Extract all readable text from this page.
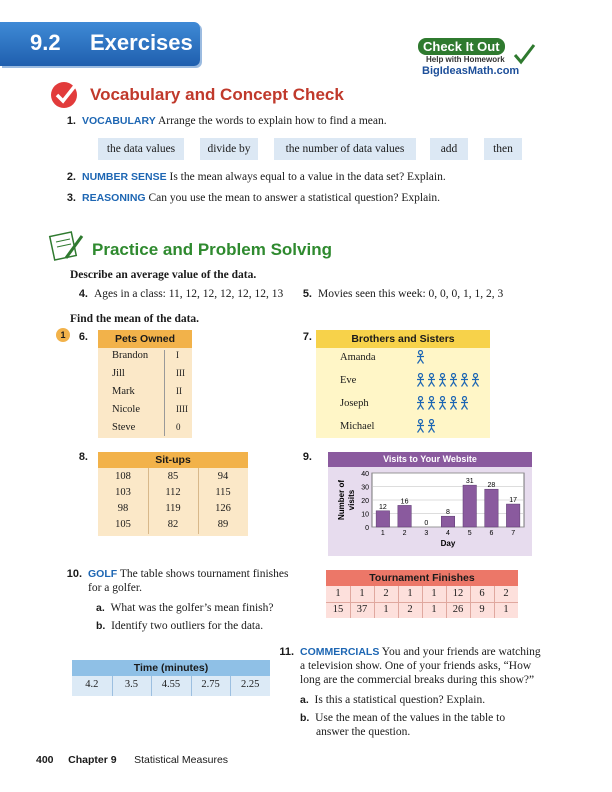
9.2 Exercises	Check It Out
Help with Homework
BigIdeasMath.com
Vocabulary and Concept Check
1. VOCABULARY Arrange the words to explain how to find a mean.
the data values	divide by	the number of data values	add	then
2. NUMBER SENSE Is the mean always equal to a value in the data set? Explain.
3. REASONING Can you use the mean to answer a statistical question? Explain.
Practice and Problem Solving
Describe an average value of the data.
4. Ages in a class: 11, 12, 12, 12, 12, 12, 13	5. Movies seen this week: 0, 0, 0, 1, 1, 2, 3
Find the mean of the data.
1	6.	Pets Owned
Brandon	I
Jill	III
Mark	II
Nicole	IIII
Steve	0
7.	Brothers and Sisters
Amanda
Eve
Joseph
Michael
8.	Sit-ups
108	85	94
103	112	115
98	119	126
105	82	89
9.	Visits to Your Website
0
10
20
30
40
12
1
16
2
0
3
8
4
31
5
28
6
17
7
Day
Number of visits
10. GOLF The table shows tournament finishes
for a golfer.
a. What was the golfer’s mean finish?
b. Identify two outliers for the data.
Tournament Finishes
1	1	2	1	1	12	6	2
15	37	1	2	1	26	9	1
Time (minutes)
4.2	3.5	4.55	2.75	2.25
11. COMMERCIALS You and your friends are watching
a television show. One of your friends asks, “How
long are the commercial breaks during this show?”
a. Is this a statistical question? Explain.
b. Use the mean of the values in the table to
answer the question.
400 Chapter 9 Statistical Measures
